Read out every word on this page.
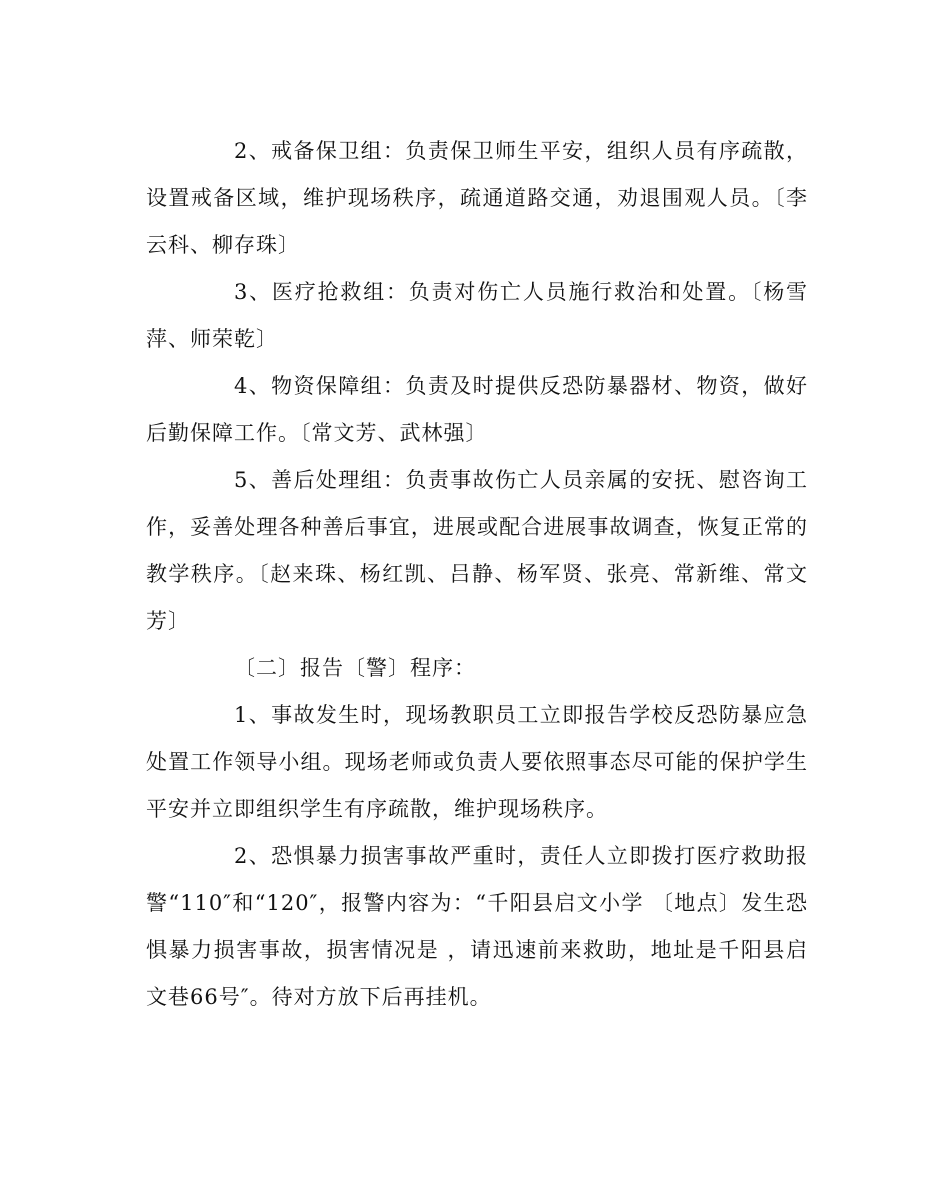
2、戒备保卫组：负责保卫师生平安，组织人员有序疏散，设置戒备区域，维护现场秩序，疏通道路交通，劝退围观人员。〔李云科、柳存珠〕

3、医疗抢救组：负责对伤亡人员施行救治和处置。〔杨雪萍、师荣乾〕

4、物资保障组：负责及时提供反恐防暴器材、物资，做好后勤保障工作。〔常文芳、武林强〕

5、善后处理组：负责事故伤亡人员亲属的安抚、慰咨询工作，妥善处理各种善后事宜，进展或配合进展事故调查，恢复正常的教学秩序。〔赵来珠、杨红凯、吕静、杨军贤、张亮、常新维、常文芳〕

〔二〕报告〔警〕程序：

1、事故发生时，现场教职员工立即报告学校反恐防暴应急处置工作领导小组。现场老师或负责人要依照事态尽可能的保护学生平安并立即组织学生有序疏散，维护现场秩序。

2、恐惧暴力损害事故严重时，责任人立即拨打医疗救助报警“110″和“120″，报警内容为：“千阳县启文小学 〔地点〕发生恐惧暴力损害事故，损害情况是 ，请迅速前来救助，地址是千阳县启文巷66号″。待对方放下后再挂机。
